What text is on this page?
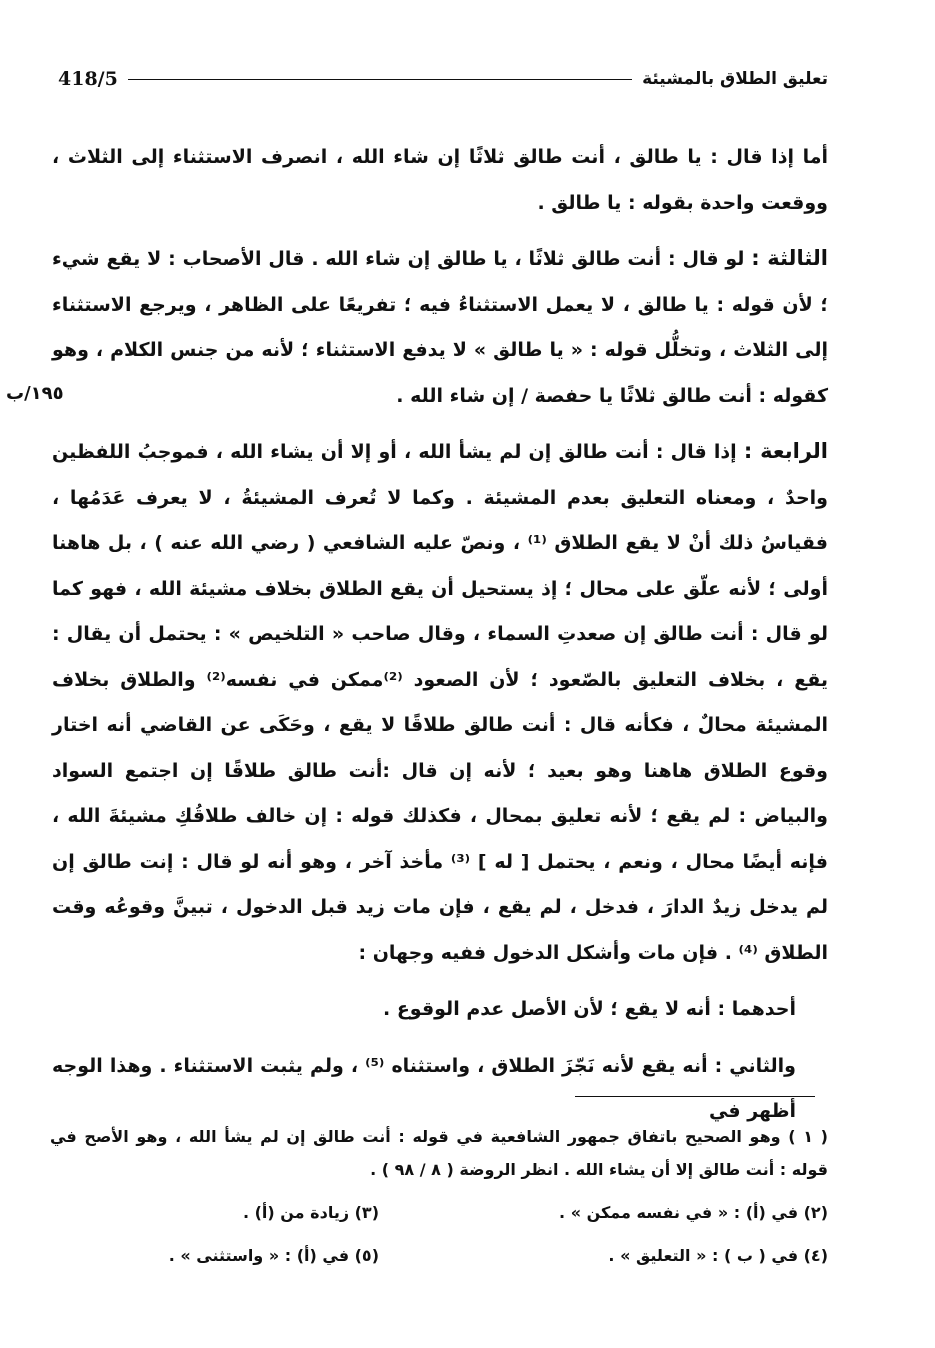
418/5	تعليق الطلاق بالمشيئة

أما إذا قال : يا طالق ، أنت طالق ثلاثًا إن شاء الله ، انصرف الاستثناء إلى الثلاث ، ووقعت واحدة بقوله : يا طالق .

الثالثة : لو قال : أنت طالق ثلاثًا ، يا طالق إن شاء الله . قال الأصحاب : لا يقع شيء ؛ لأن قوله : يا طالق ، لا يعمل الاستثناءُ فيه ؛ تفريعًا على الظاهر ، ويرجع الاستثناء إلى الثلاث ، وتخلُّل قوله : « يا طالق » لا يدفع الاستثناء ؛ لأنه من جنس الكلام ، وهو كقوله : أنت طالق ثلاثًا يا حفصة / إن شاء الله .

الرابعة : إذا قال : أنت طالق إن لم يشأ الله ، أو إلا أن يشاء الله ، فموجبُ اللفظين واحدٌ ، ومعناه التعليق بعدم المشيئة . وكما لا تُعرف المشيئةُ ، لا يعرف عَدَمُها ، فقياسُ ذلك أنْ لا يقع الطلاق ⁽¹⁾ ، ونصّ عليه الشافعي ( رضي الله عنه ) ، بل هاهنا أولى ؛ لأنه علّق على محال ؛ إذ يستحيل أن يقع الطلاق بخلاف مشيئة الله ، فهو كما لو قال : أنت طالق إن صعدتِ السماء ، وقال صاحب « التلخيص » : يحتمل أن يقال : يقع ، بخلاف التعليق بالصّعود ؛ لأن الصعود ⁽²⁾ممكن في نفسه⁽²⁾ والطلاق بخلاف المشيئة محالٌ ، فكأنه قال : أنت طالق طلاقًا لا يقع ، وحَكَى عن القاضي أنه اختار وقوع الطلاق هاهنا وهو بعيد ؛ لأنه إن قال :أنت طالق طلاقًا إن اجتمع السواد والبياض : لم يقع ؛ لأنه تعليق بمحال ، فكذلك قوله : إن خالف طلاقُكِ مشيئةَ الله ، فإنه أيضًا محال ، ونعم ، يحتمل [ له ] ⁽³⁾ مأخذ آخر ، وهو أنه لو قال : إنت طالق إن لم يدخل زيدٌ الدارَ ، فدخل ، لم يقع ، فإن مات زيد قبل الدخول ، تبينَّ وقوعُه وقت الطلاق ⁽⁴⁾ . فإن مات وأشكل الدخول ففيه وجهان :

أحدهما : أنه لا يقع ؛ لأن الأصل عدم الوقوع .

والثاني : أنه يقع لأنه نَجّزَ الطلاق ، واستثناه ⁽⁵⁾ ، ولم يثبت الاستثناء . وهذا الوجه أظهر في

١٩٥/ب
( ١ ) وهو الصحيح باتفاق جمهور الشافعية في قوله : أنت طالق إن لم يشأ الله ، وهو الأصح في قوله : أنت طالق إلا أن يشاء الله . انظر الروضة ( ٨ / ٩٨ ) .
(٢) في (أ) : « في نفسه ممكن » .
(٣) زيادة من (أ) .
(٤) في ( ب ) : « التعليق » .
(٥) في (أ) : « واستثنى » .
